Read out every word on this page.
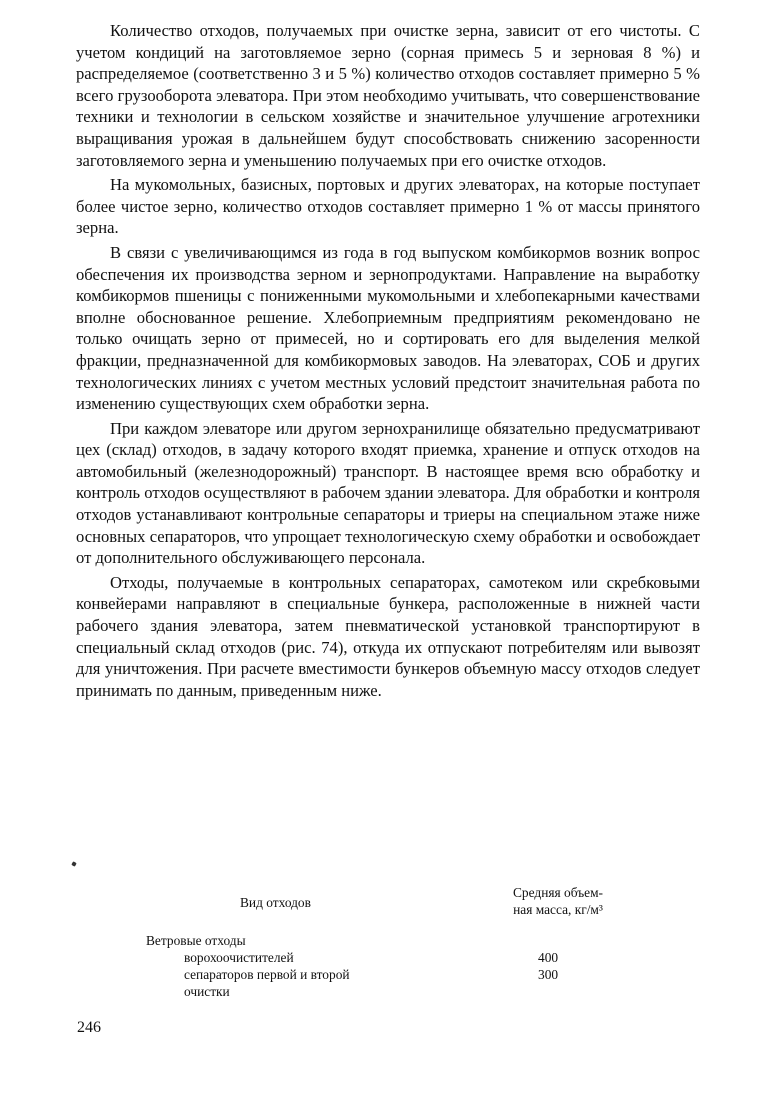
Количество отходов, получаемых при очистке зерна, зависит от его чистоты. С учетом кондиций на заготовляемое зерно (сорная примесь 5 и зерновая 8 %) и распределяемое (соответственно 3 и 5 %) количество отходов составляет примерно 5 % всего грузооборота элеватора. При этом необходимо учитывать, что совершенствование техники и технологии в сельском хозяйстве и значительное улучшение агротехники выращивания урожая в дальнейшем будут способствовать снижению засоренности заготовляемого зерна и уменьшению получаемых при его очистке отходов.

На мукомольных, базисных, портовых и других элеваторах, на которые поступает более чистое зерно, количество отходов составляет примерно 1 % от массы принятого зерна.

В связи с увеличивающимся из года в год выпуском комбикормов возник вопрос обеспечения их производства зерном и зернопродуктами. Направление на выработку комбикормов пшеницы с пониженными мукомольными и хлебопекарными качествами вполне обоснованное решение. Хлебоприемным предприятиям рекомендовано не только очищать зерно от примесей, но и сортировать его для выделения мелкой фракции, предназначенной для комбикормовых заводов. На элеваторах, СОБ и других технологических линиях с учетом местных условий предстоит значительная работа по изменению существующих схем обработки зерна.

При каждом элеваторе или другом зернохранилище обязательно предусматривают цех (склад) отходов, в задачу которого входят приемка, хранение и отпуск отходов на автомобильный (железнодорожный) транспорт. В настоящее время всю обработку и контроль отходов осуществляют в рабочем здании элеватора. Для обработки и контроля отходов устанавливают контрольные сепараторы и триеры на специальном этаже ниже основных сепараторов, что упрощает технологическую схему обработки и освобождает от дополнительного обслуживающего персонала.

Отходы, получаемые в контрольных сепараторах, самотеком или скребковыми конвейерами направляют в специальные бункера, расположенные в нижней части рабочего здания элеватора, затем пневматической установкой транспортируют в специальный склад отходов (рис. 74), откуда их отпускают потребителям или вывозят для уничтожения. При расчете вместимости бункеров объемную массу отходов следует принимать по данным, приведенным ниже.

Вид отходов
Средняя объем-
ная масса, кг/м³
Ветровые отходы
ворохоочистителей	400
сепараторов первой и второй	300
очистки
246
